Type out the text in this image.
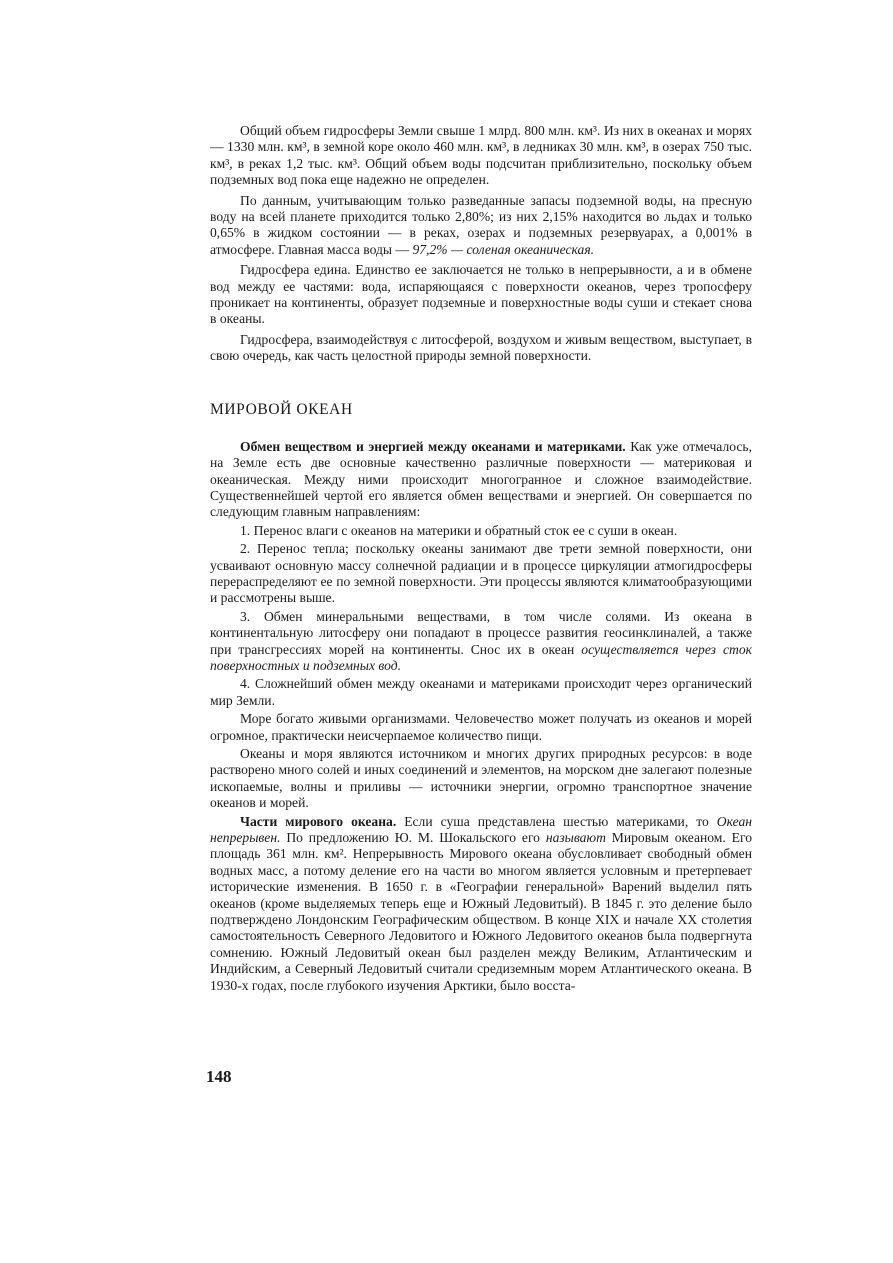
Общий объем гидросферы Земли свыше 1 млрд. 800 млн. км³. Из них в океанах и морях — 1330 млн. км³, в земной коре около 460 млн. км³, в ледниках 30 млн. км³, в озерах 750 тыс. км³, в реках 1,2 тыс. км³. Общий объем воды подсчитан приблизительно, поскольку объем подземных вод пока еще надежно не определен.

По данным, учитывающим только разведанные запасы подземной воды, на пресную воду на всей планете приходится только 2,80%; из них 2,15% находится во льдах и только 0,65% в жидком состоянии — в реках, озерах и подземных резервуарах, а 0,001% в атмосфере. Главная масса воды — 97,2% — соленая океаническая.

Гидросфера едина. Единство ее заключается не только в непрерывности, а и в обмене вод между ее частями: вода, испаряющаяся с поверхности океанов, через тропосферу проникает на континенты, образует подземные и поверхностные воды суши и стекает снова в океаны.

Гидросфера, взаимодействуя с литосферой, воздухом и живым веществом, выступает, в свою очередь, как часть целостной природы земной поверхности.

МИРОВОЙ ОКЕАН

Обмен веществом и энергией между океанами и материками. Как уже отмечалось, на Земле есть две основные качественно различные поверхности — материковая и океаническая. Между ними происходит многогранное и сложное взаимодействие. Существеннейшей чертой его является обмен веществами и энергией. Он совершается по следующим главным направлениям:

1. Перенос влаги с океанов на материки и обратный сток ее с суши в океан.

2. Перенос тепла; поскольку океаны занимают две трети земной поверхности, они усваивают основную массу солнечной радиации и в процессе циркуляции атмогидросферы перераспределяют ее по земной поверхности. Эти процессы являются климатообразующими и рассмотрены выше.

3. Обмен минеральными веществами, в том числе солями. Из океана в континентальную литосферу они попадают в процессе развития геосинклиналей, а также при трансгрессиях морей на континенты. Снос их в океан осуществляется через сток поверхностных и подземных вод.

4. Сложнейший обмен между океанами и материками происходит через органический мир Земли.

Море богато живыми организмами. Человечество может получать из океанов и морей огромное, практически неисчерпаемое количество пищи.

Океаны и моря являются источником и многих других природных ресурсов: в воде растворено много солей и иных соединений и элементов, на морском дне залегают полезные ископаемые, волны и приливы — источники энергии, огромно транспортное значение океанов и морей.

Части мирового океана. Если суша представлена шестью материками, то Океан непрерывен. По предложению Ю. М. Шокальского его называют Мировым океаном. Его площадь 361 млн. км². Непрерывность Мирового океана обусловливает свободный обмен водных масс, а потому деление его на части во многом является условным и претерпевает исторические изменения. В 1650 г. в «Географии генеральной» Варений выделил пять океанов (кроме выделяемых теперь еще и Южный Ледовитый). В 1845 г. это деление было подтверждено Лондонским Географическим обществом. В конце XIX и начале XX столетия самостоятельность Северного Ледовитого и Южного Ледовитого океанов была подвергнута сомнению. Южный Ледовитый океан был разделен между Великим, Атлантическим и Индийским, а Северный Ледовитый считали средиземным морем Атлантического океана. В 1930-х годах, после глубокого изучения Арктики, было восста-

148
